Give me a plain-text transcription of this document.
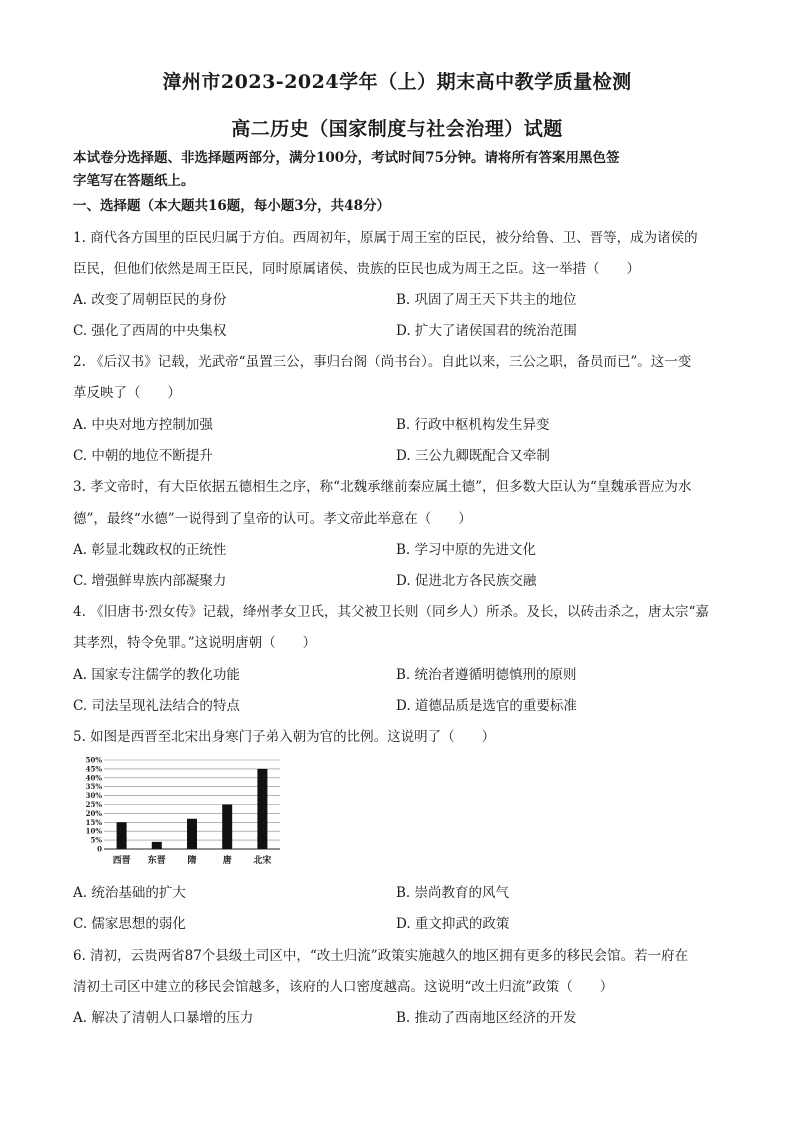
漳州市2023-2024学年（上）期末高中教学质量检测
高二历史（国家制度与社会治理）试题
本试卷分选择题、非选择题两部分，满分100分，考试时间75分钟。请将所有答案用黑色签
字笔写在答题纸上。
一、选择题（本大题共16题，每小题3分，共48分）
1. 商代各方国里的臣民归属于方伯。西周初年，原属于周王室的臣民，被分给鲁、卫、晋等，成为诸侯的
臣民，但他们依然是周王臣民，同时原属诸侯、贵族的臣民也成为周王之臣。这一举措（　　）
A. 改变了周朝臣民的身份	B. 巩固了周王天下共主的地位
C. 强化了西周的中央集权	D. 扩大了诸侯国君的统治范围
2. 《后汉书》记载，光武帝“虽置三公，事归台阁（尚书台）。自此以来，三公之职，备员而已”。这一变
革反映了（　　）
A. 中央对地方控制加强	B. 行政中枢机构发生异变
C. 中朝的地位不断提升	D. 三公九卿既配合又牵制
3. 孝文帝时，有大臣依据五德相生之序，称“北魏承继前秦应属土德”，但多数大臣认为“皇魏承晋应为水
德”，最终“水德”一说得到了皇帝的认可。孝文帝此举意在（　　）
A. 彰显北魏政权的正统性	B. 学习中原的先进文化
C. 增强鲜卑族内部凝聚力	D. 促进北方各民族交融
4. 《旧唐书·烈女传》记载，绛州孝女卫氏，其父被卫长则（同乡人）所杀。及长，以砖击杀之，唐太宗“嘉
其孝烈，特令免罪。”这说明唐朝（　　）
A. 国家专注儒学的教化功能	B. 统治者遵循明德慎刑的原则
C. 司法呈现礼法结合的特点	D. 道德品质是选官的重要标准
5. 如图是西晋至北宋出身寒门子弟入朝为官的比例。这说明了（　　）
50%
45%
40%
35%
30%
25%
20%
15%
10%
5%
0
西晋 东晋 隋	唐 北宋
A. 统治基础的扩大	B. 崇尚教育的风气
C. 儒家思想的弱化	D. 重文抑武的政策
6. 清初，云贵两省87个县级土司区中，“改土归流”政策实施越久的地区拥有更多的移民会馆。若一府在
清初土司区中建立的移民会馆越多，该府的人口密度越高。这说明“改土归流”政策（　　）
A. 解决了清朝人口暴增的压力	B. 推动了西南地区经济的开发
